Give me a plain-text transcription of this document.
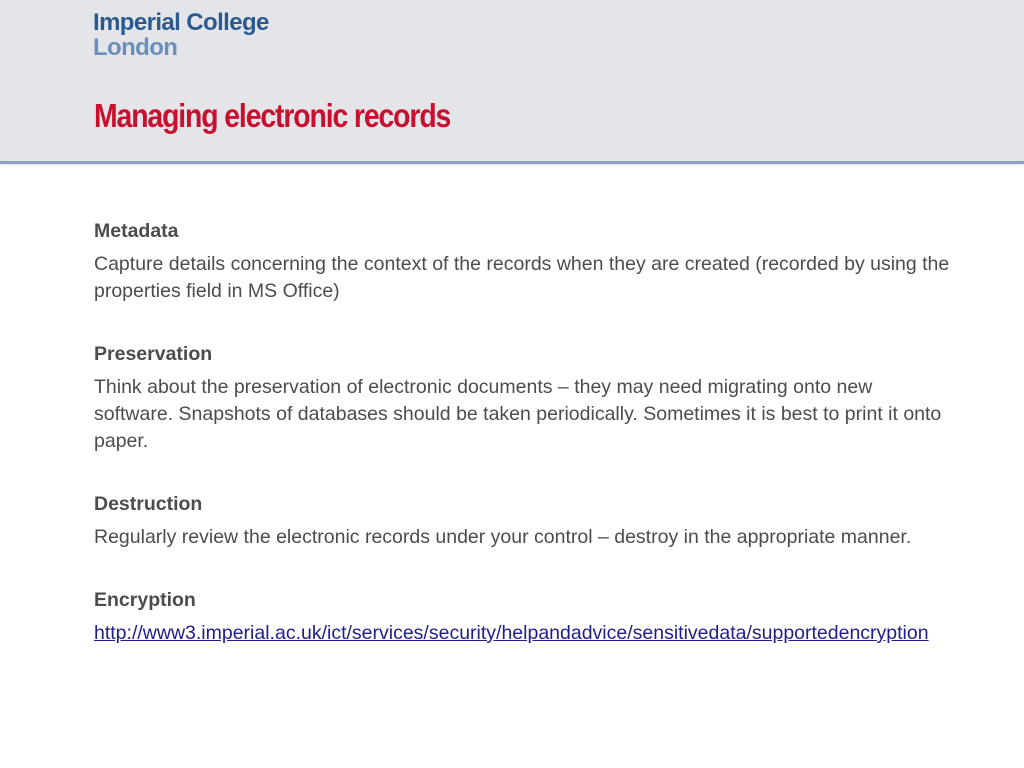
Imperial College
London
Managing electronic records

Metadata

Capture details concerning the context of the records when they are created (recorded by using the properties field in MS Office)

Preservation

Think about the preservation of electronic documents – they may need migrating onto new software. Snapshots of databases should be taken periodically. Sometimes it is best to print it onto paper.

Destruction

Regularly review the electronic records under your control – destroy in the appropriate manner.

Encryption

http://www3.imperial.ac.uk/ict/services/security/helpandadvice/sensitivedata/supportedencryption
